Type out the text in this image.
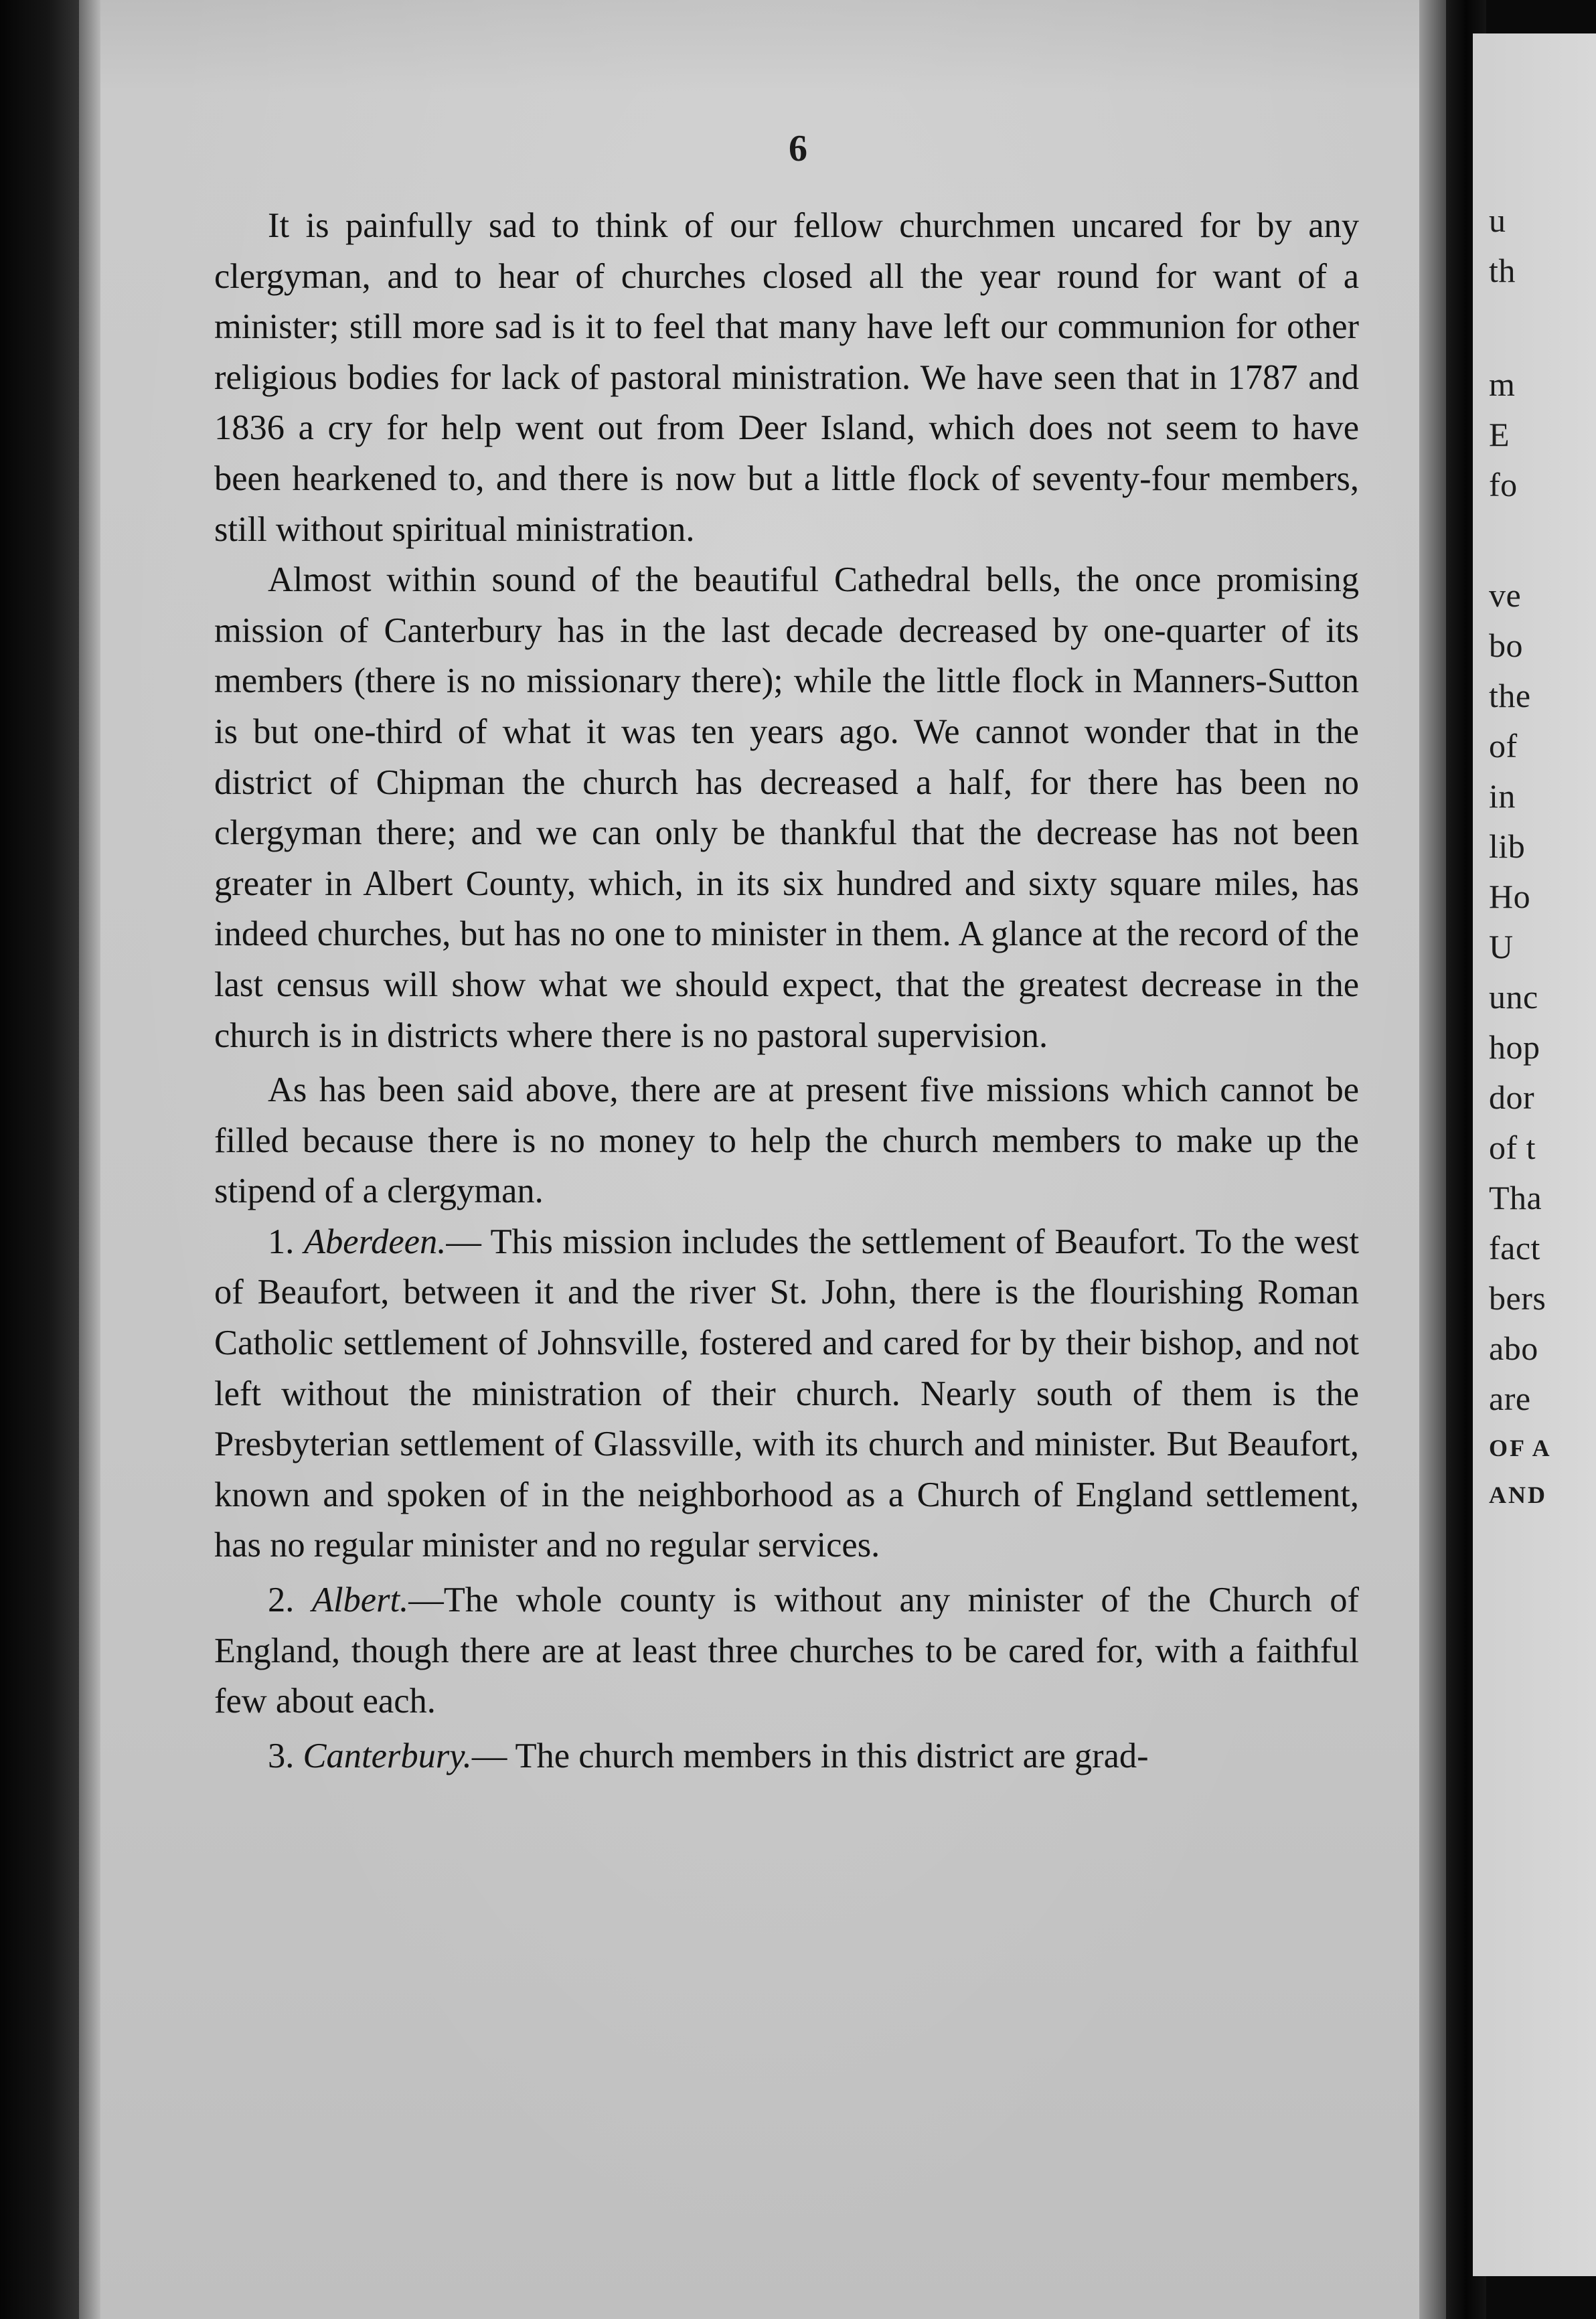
u
th
m
E
fo
ve
bo
the
of
in
lib
Ho
U
unc
hop
dor
of t
Tha
fact
bers
abo
are
OF A
AND
6

It is painfully sad to think of our fellow churchmen uncared for by any clergyman, and to hear of churches closed all the year round for want of a minister; still more sad is it to feel that many have left our communion for other religious bodies for lack of pastoral ministration. We have seen that in 1787 and 1836 a cry for help went out from Deer Island, which does not seem to have been hearkened to, and there is now but a little flock of seventy-four members, still without spiritual ministration.

Almost within sound of the beautiful Cathedral bells, the once promising mission of Canterbury has in the last decade decreased by one-quarter of its members (there is no missionary there); while the little flock in Manners-Sutton is but one-third of what it was ten years ago. We cannot wonder that in the district of Chipman the church has decreased a half, for there has been no clergyman there; and we can only be thankful that the decrease has not been greater in Albert County, which, in its six hundred and sixty square miles, has indeed churches, but has no one to minister in them. A glance at the record of the last census will show what we should expect, that the greatest decrease in the church is in districts where there is no pastoral supervision.

As has been said above, there are at present five missions which cannot be filled because there is no money to help the church members to make up the stipend of a clergyman.

1. Aberdeen.— This mission includes the settlement of Beaufort. To the west of Beaufort, between it and the river St. John, there is the flourishing Roman Catholic settlement of Johnsville, fostered and cared for by their bishop, and not left without the ministration of their church. Nearly south of them is the Presbyterian settlement of Glassville, with its church and minister. But Beaufort, known and spoken of in the neighborhood as a Church of England settlement, has no regular minister and no regular services.

2. Albert.—The whole county is without any minister of the Church of England, though there are at least three churches to be cared for, with a faithful few about each.

3. Canterbury.— The church members in this district are grad-
